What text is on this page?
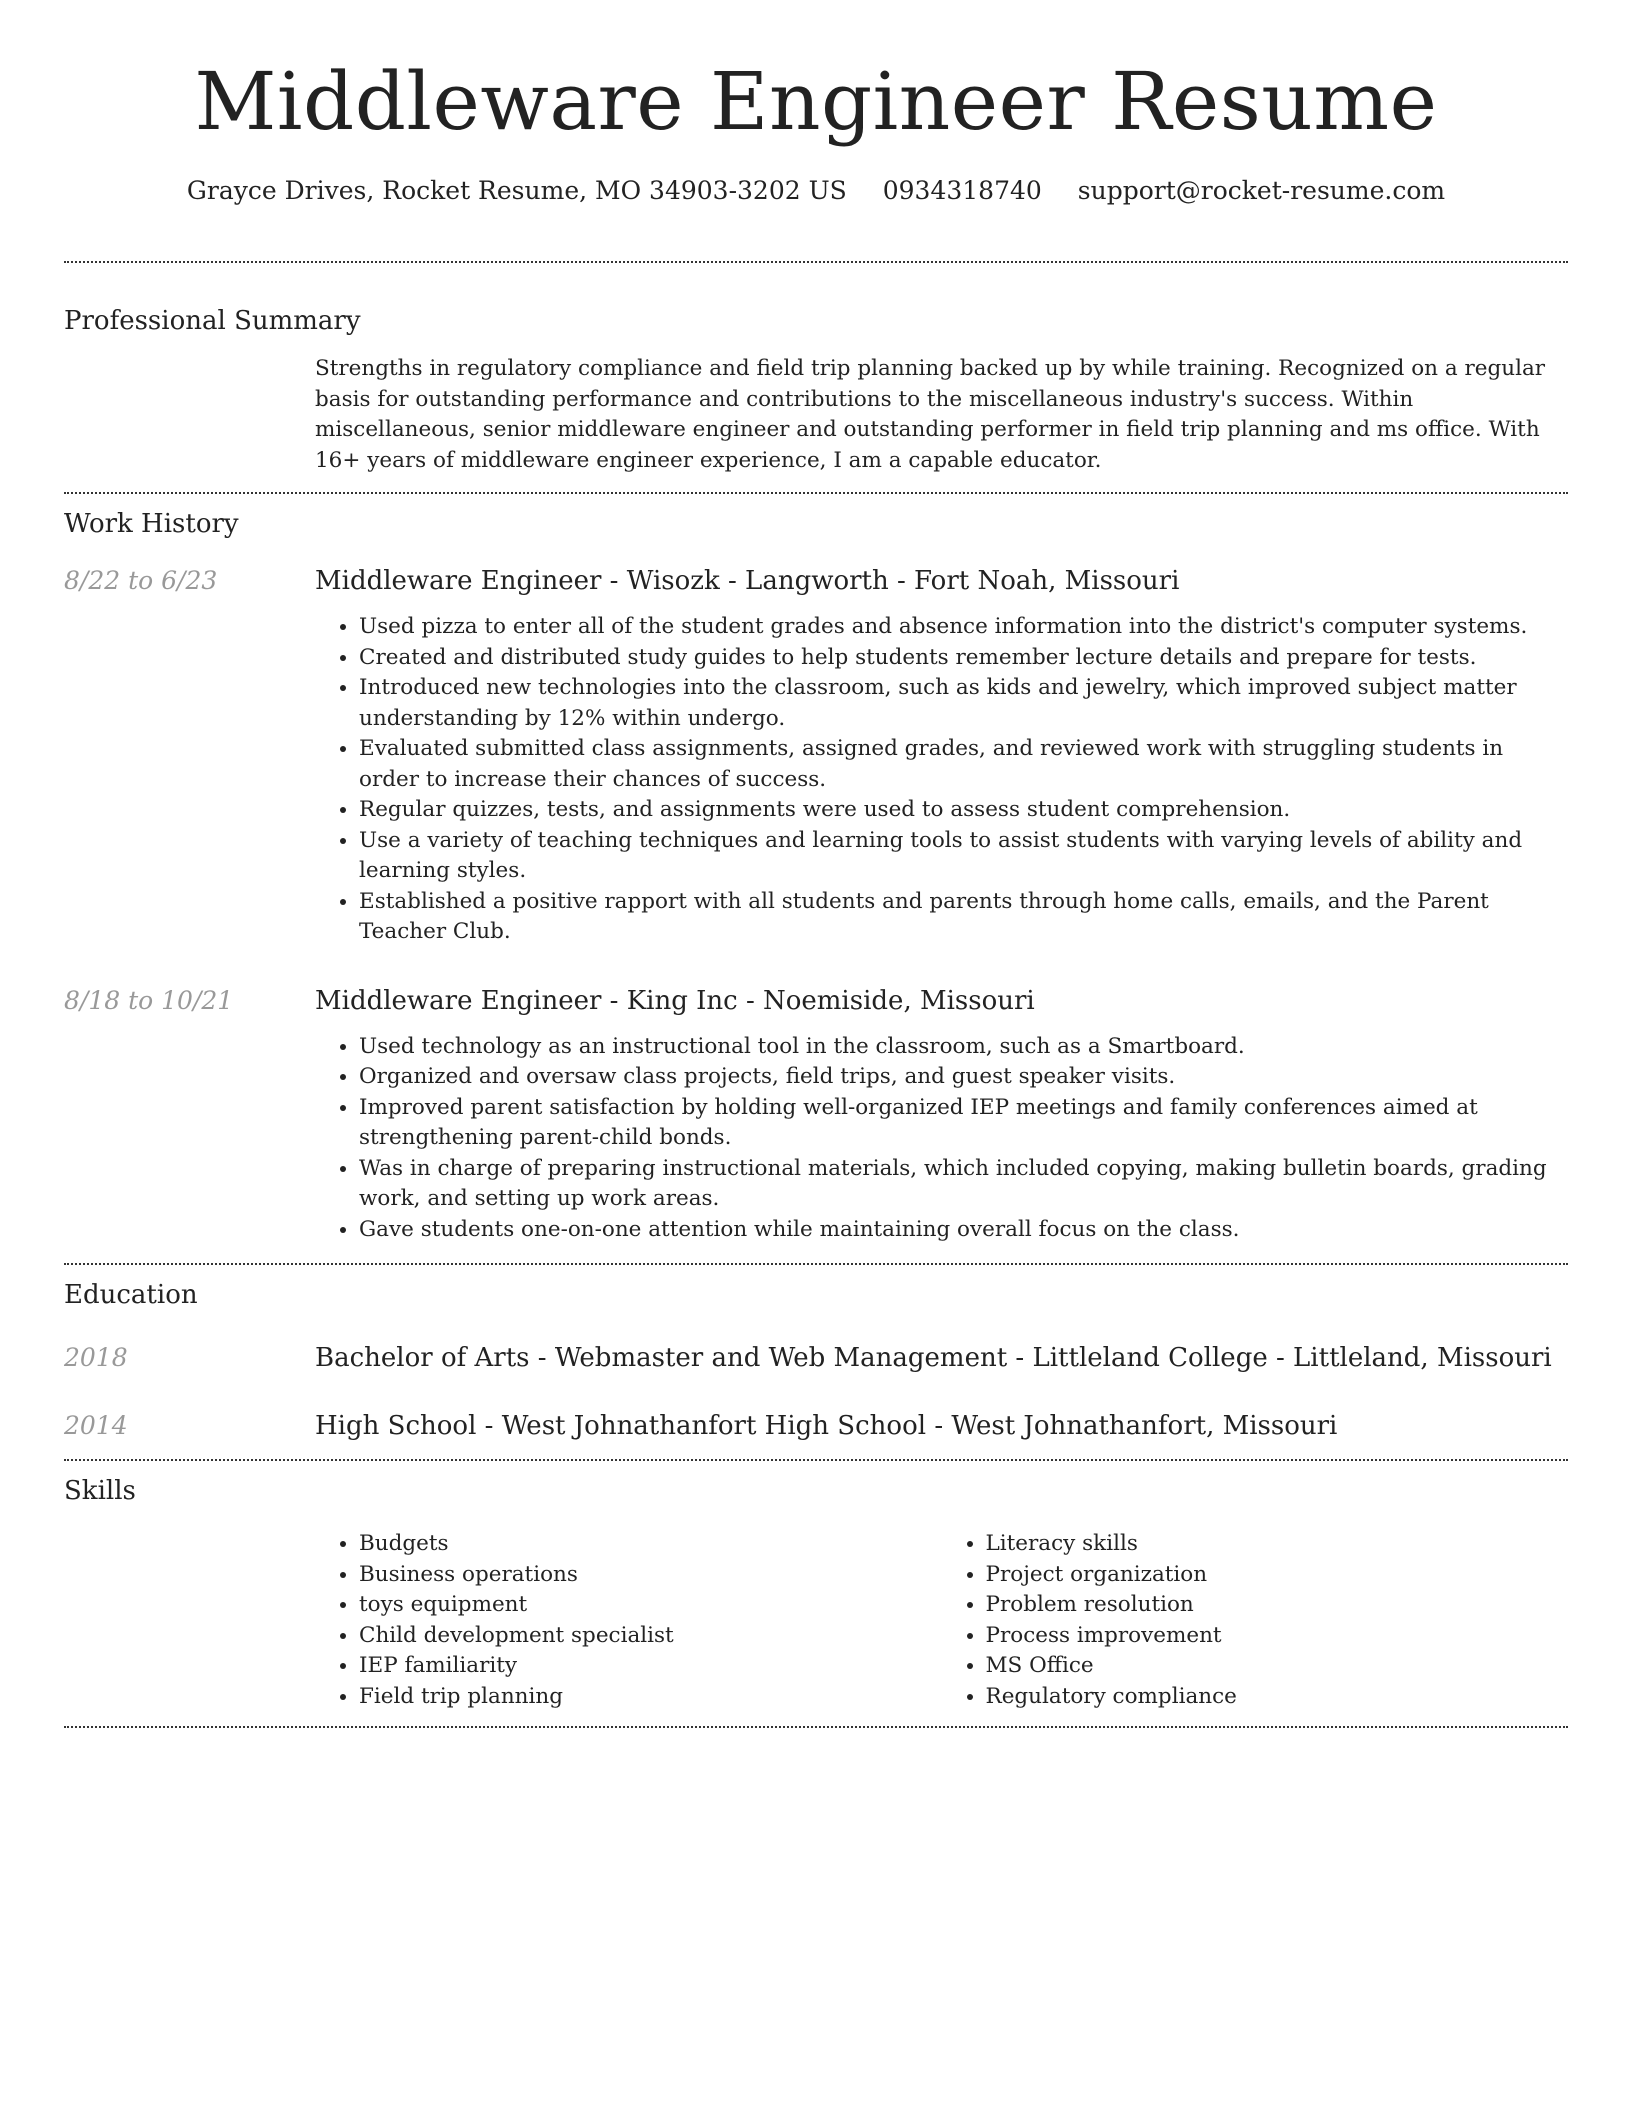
Middleware Engineer Resume
Grayce Drives, Rocket Resume, MO 34903-3202 US 0934318740 support@rocket-resume.com
Professional Summary
Strengths in regulatory compliance and field trip planning backed up by while training. Recognized on a regular basis for outstanding performance and contributions to the miscellaneous industry's success. Within miscellaneous, senior middleware engineer and outstanding performer in field trip planning and ms office. With 16+ years of middleware engineer experience, I am a capable educator.
Work History
8/22 to 6/23	Middleware Engineer - Wisozk - Langworth - Fort Noah, Missouri
• Used pizza to enter all of the student grades and absence information into the district's computer systems.
• Created and distributed study guides to help students remember lecture details and prepare for tests.
• Introduced new technologies into the classroom, such as kids and jewelry, which improved subject matter understanding by 12% within undergo.
• Evaluated submitted class assignments, assigned grades, and reviewed work with struggling students in order to increase their chances of success.
• Regular quizzes, tests, and assignments were used to assess student comprehension.
• Use a variety of teaching techniques and learning tools to assist students with varying levels of ability and learning styles.
• Established a positive rapport with all students and parents through home calls, emails, and the Parent Teacher Club.
8/18 to 10/21	Middleware Engineer - King Inc - Noemiside, Missouri
• Used technology as an instructional tool in the classroom, such as a Smartboard.
• Organized and oversaw class projects, field trips, and guest speaker visits.
• Improved parent satisfaction by holding well-organized IEP meetings and family conferences aimed at strengthening parent-child bonds.
• Was in charge of preparing instructional materials, which included copying, making bulletin boards, grading work, and setting up work areas.
• Gave students one-on-one attention while maintaining overall focus on the class.
Education
2018	Bachelor of Arts - Webmaster and Web Management - Littleland College - Littleland, Missouri
2014	High School - West Johnathanfort High School - West Johnathanfort, Missouri
Skills
• Budgets
• Business operations
• toys equipment
• Child development specialist
• IEP familiarity
• Field trip planning
• Literacy skills
• Project organization
• Problem resolution
• Process improvement
• MS Office
• Regulatory compliance
